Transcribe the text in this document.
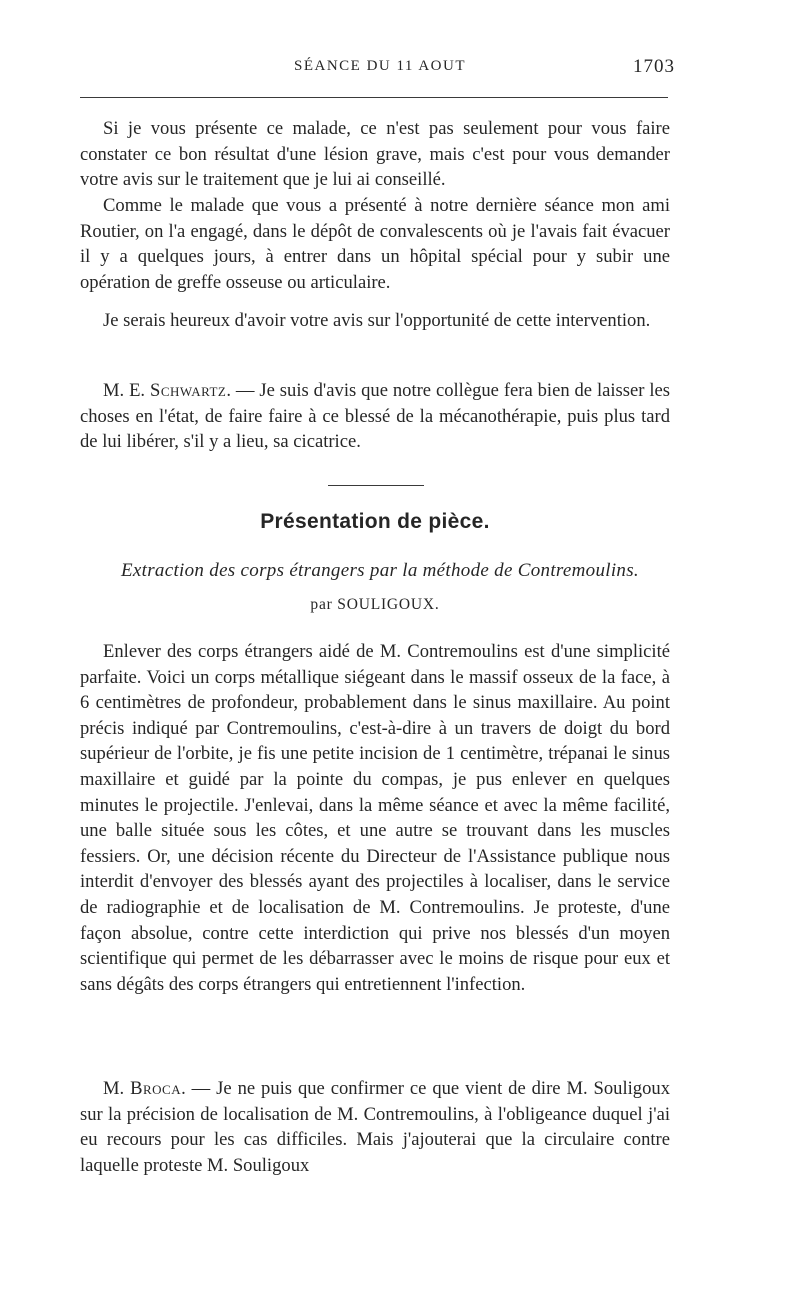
SÉANCE DU 11 AOUT	1703

Si je vous présente ce malade, ce n'est pas seulement pour vous faire constater ce bon résultat d'une lésion grave, mais c'est pour vous demander votre avis sur le traitement que je lui ai conseillé.

Comme le malade que vous a présenté à notre dernière séance mon ami Routier, on l'a engagé, dans le dépôt de convalescents où je l'avais fait évacuer il y a quelques jours, à entrer dans un hôpital spécial pour y subir une opération de greffe osseuse ou articulaire.

Je serais heureux d'avoir votre avis sur l'opportunité de cette intervention.

M. E. Schwartz. — Je suis d'avis que notre collègue fera bien de laisser les choses en l'état, de faire faire à ce blessé de la mécanothérapie, puis plus tard de lui libérer, s'il y a lieu, sa cicatrice.

Présentation de pièce.

Extraction des corps étrangers par la méthode de Contremoulins.

par SOULIGOUX.

Enlever des corps étrangers aidé de M. Contremoulins est d'une simplicité parfaite. Voici un corps métallique siégeant dans le massif osseux de la face, à 6 centimètres de profondeur, probablement dans le sinus maxillaire. Au point précis indiqué par Contremoulins, c'est-à-dire à un travers de doigt du bord supérieur de l'orbite, je fis une petite incision de 1 centimètre, trépanai le sinus maxillaire et guidé par la pointe du compas, je pus enlever en quelques minutes le projectile. J'enlevai, dans la même séance et avec la même facilité, une balle située sous les côtes, et une autre se trouvant dans les muscles fessiers. Or, une décision récente du Directeur de l'Assistance publique nous interdit d'envoyer des blessés ayant des projectiles à localiser, dans le service de radiographie et de localisation de M. Contremoulins. Je proteste, d'une façon absolue, contre cette interdiction qui prive nos blessés d'un moyen scientifique qui permet de les débarrasser avec le moins de risque pour eux et sans dégâts des corps étrangers qui entretiennent l'infection.

M. Broca. — Je ne puis que confirmer ce que vient de dire M. Souligoux sur la précision de localisation de M. Contremoulins, à l'obligeance duquel j'ai eu recours pour les cas difficiles. Mais j'ajouterai que la circulaire contre laquelle proteste M. Souligoux
